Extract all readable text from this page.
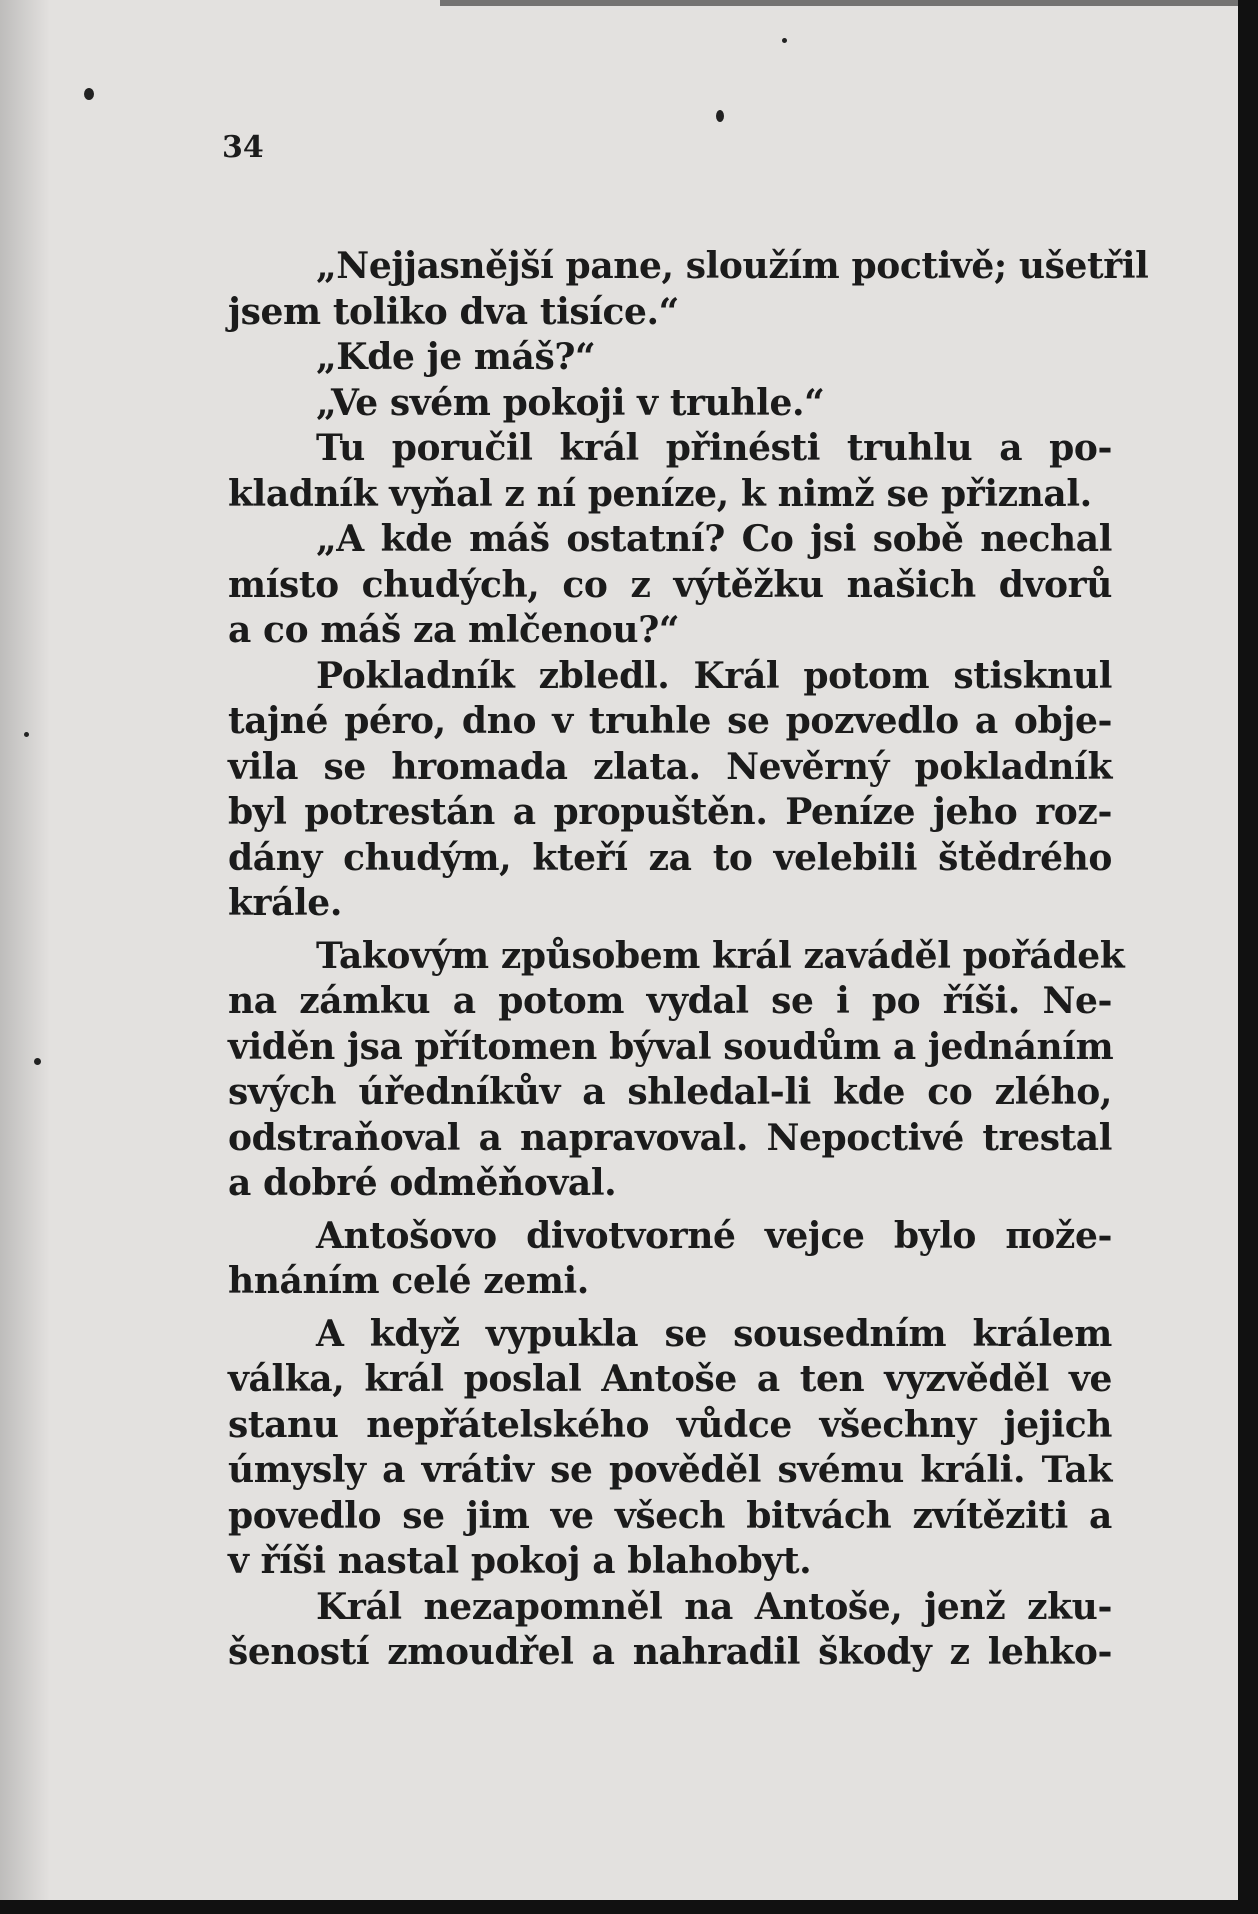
34

„Nejjasnější pane, sloužím poctivě; ušetřil
jsem toliko dva tisíce.“
„Kde je máš?“
„Ve svém pokoji v truhle.“
Tu poručil král přinésti truhlu a po-
kladník vyňal z ní peníze, k nimž se přiznal.
„A kde máš ostatní? Co jsi sobě nechal
místo chudých, co z výtěžku našich dvorů
a co máš za mlčenou?“
Pokladník zbledl. Král potom stisknul
tajné péro, dno v truhle se pozvedlo a obje-
vila se hromada zlata. Nevěrný pokladník
byl potrestán a propuštěn. Peníze jeho roz-
dány chudým, kteří za to velebili štědrého
krále.
Takovým způsobem král zaváděl pořádek
na zámku a potom vydal se i po říši. Ne-
viděn jsa přítomen býval soudům a jednáním
svých úředníkův a shledal-li kde co zlého,
odstraňoval a napravoval. Nepoctivé trestal
a dobré odměňoval.
Antošovo divotvorné vejce bylo поže-
hnáním celé zemi.
A když vypukla se sousedním králem
válka, král poslal Antoše a ten vyzvěděl ve
stanu nepřátelského vůdce všechny jejich
úmysly a vrátiv se pověděl svému králi. Tak
povedlo se jim ve všech bitvách zvítěziti a
v říši nastal pokoj a blahobyt.
Král nezapomněl na Antoše, jenž zku-
šeností zmoudřel a nahradil škody z lehko-
